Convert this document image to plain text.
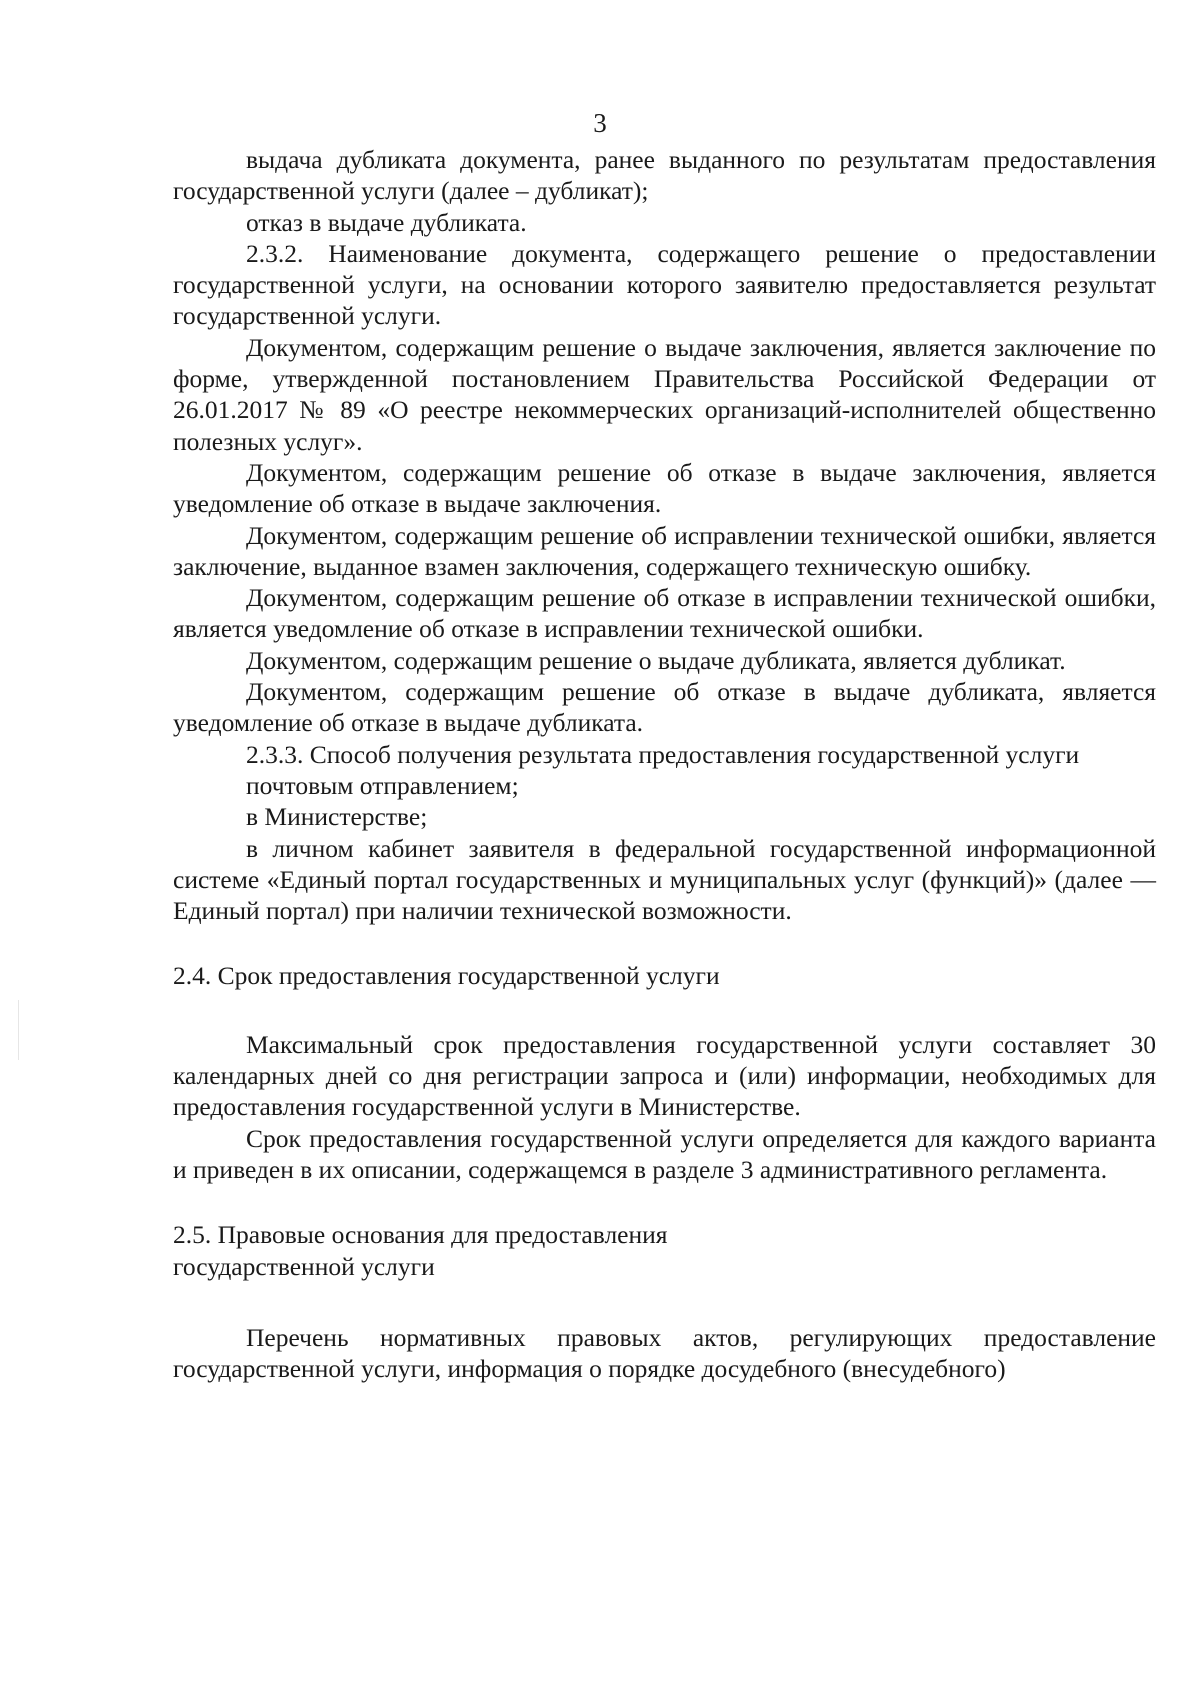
3

выдача дубликата документа, ранее выданного по результатам предоставления государственной услуги (далее – дубликат);

отказ в выдаче дубликата.

2.3.2. Наименование документа, содержащего решение о предоставлении государственной услуги, на основании которого заявителю предоставляется результат государственной услуги.

Документом, содержащим решение о выдаче заключения, является заключение по форме, утвержденной постановлением Правительства Российской Федерации от 26.01.2017 № 89 «О реестре некоммерческих организаций-исполнителей общественно полезных услуг».

Документом, содержащим решение об отказе в выдаче заключения, является уведомление об отказе в выдаче заключения.

Документом, содержащим решение об исправлении технической ошибки, является заключение, выданное взамен заключения, содержащего техническую ошибку.

Документом, содержащим решение об отказе в исправлении технической ошибки, является уведомление об отказе в исправлении технической ошибки.

Документом, содержащим решение о выдаче дубликата, является дубликат.

Документом, содержащим решение об отказе в выдаче дубликата, является уведомление об отказе в выдаче дубликата.

2.3.3. Способ получения результата предоставления государственной услуги

почтовым отправлением;

в Министерстве;

в личном кабинет заявителя в федеральной государственной информационной системе «Единый портал государственных и муниципальных услуг (функций)» (далее — Единый портал) при наличии технической возможности.

2.4. Срок предоставления государственной услуги

Максимальный срок предоставления государственной услуги составляет 30 календарных дней со дня регистрации запроса и (или) информации, необходимых для предоставления государственной услуги в Министерстве.

Срок предоставления государственной услуги определяется для каждого варианта и приведен в их описании, содержащемся в разделе 3 административного регламента.

2.5. Правовые основания для предоставления
государственной услуги

Перечень нормативных правовых актов, регулирующих предоставление государственной услуги, информация о порядке досудебного (внесудебного)
